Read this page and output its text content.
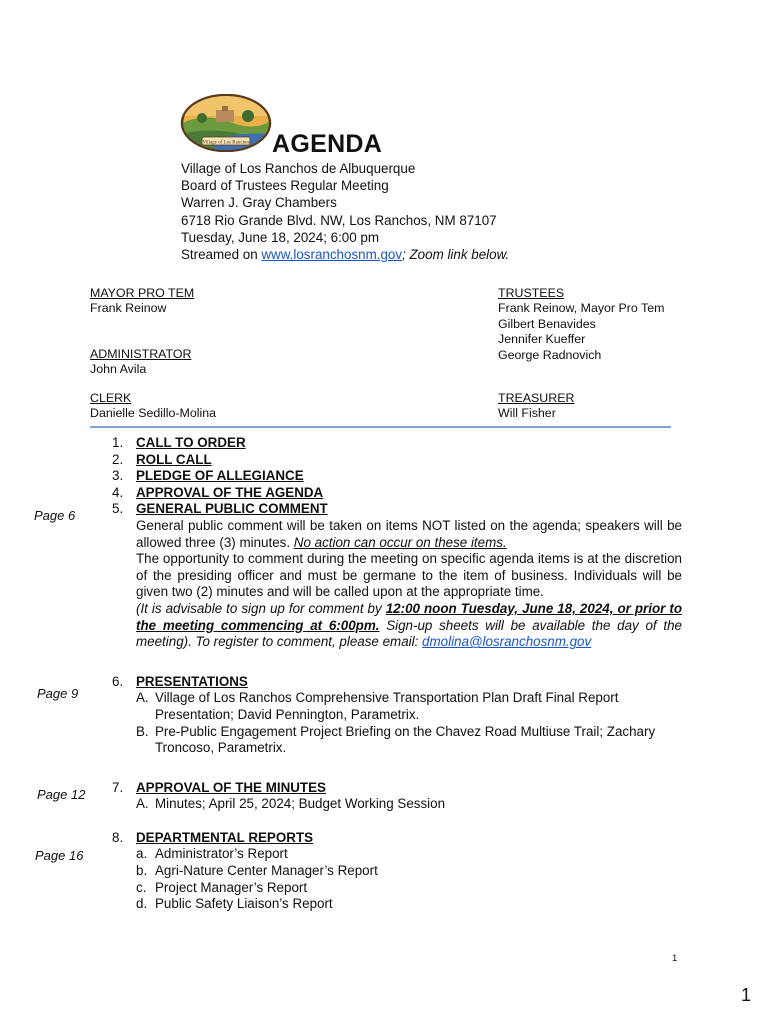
Village of Los Ranchos AGENDA
Village of Los Ranchos de Albuquerque
Board of Trustees Regular Meeting
Warren J. Gray Chambers
6718 Rio Grande Blvd. NW, Los Ranchos, NM 87107
Tuesday, June 18, 2024; 6:00 pm
Streamed on www.losranchosnm.gov; Zoom link below.
MAYOR PRO TEM
Frank Reinow
ADMINISTRATOR
John Avila
CLERK
Danielle Sedillo-Molina
TRUSTEES
Frank Reinow, Mayor Pro Tem
Gilbert Benavides
Jennifer Kueffer
George Radnovich
TREASURER
Will Fisher
Page 6
Page 9
Page 12
Page 16
1. CALL TO ORDER
2. ROLL CALL
3. PLEDGE OF ALLEGIANCE
4. APPROVAL OF THE AGENDA
5. GENERAL PUBLIC COMMENT
General public comment will be taken on items NOT listed on the agenda; speakers will be allowed three (3) minutes. No action can occur on these items.
The opportunity to comment during the meeting on specific agenda items is at the discretion of the presiding officer and must be germane to the item of business. Individuals will be given two (2) minutes and will be called upon at the appropriate time.
(It is advisable to sign up for comment by 12:00 noon Tuesday, June 18, 2024, or prior to the meeting commencing at 6:00pm. Sign-up sheets will be available the day of the meeting). To register to comment, please email: dmolina@losranchosnm.gov
6. PRESENTATIONS
A. Village of Los Ranchos Comprehensive Transportation Plan Draft Final Report Presentation; David Pennington, Parametrix.
B. Pre-Public Engagement Project Briefing on the Chavez Road Multiuse Trail; Zachary Troncoso, Parametrix.
7. APPROVAL OF THE MINUTES
A. Minutes; April 25, 2024; Budget Working Session
8. DEPARTMENTAL REPORTS
a. Administrator’s Report
b. Agri-Nature Center Manager’s Report
c. Project Manager’s Report
d. Public Safety Liaison’s Report
1
1
